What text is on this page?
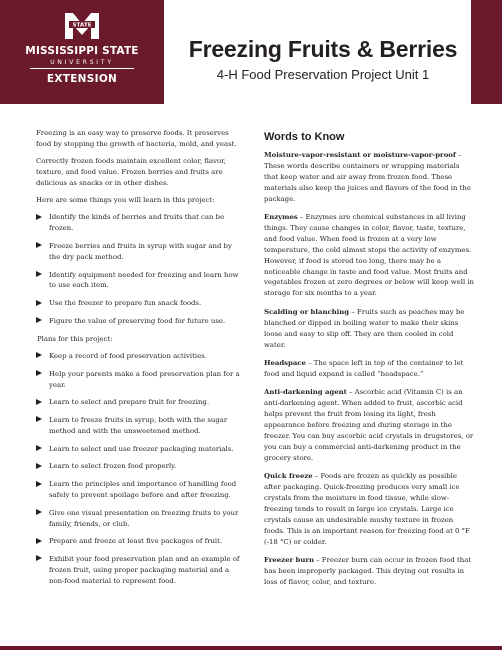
STATE
MISSISSIPPI STATE
UNIVERSITY
EXTENSION
Freezing Fruits & Berries
4-H Food Preservation Project Unit 1

Freezing is an easy way to preserve foods. It preserves food by stopping the growth of bacteria, mold, and yeast.

Correctly frozen foods maintain excellent color, flavor, texture, and food value. Frozen berries and fruits are delicious as snacks or in other dishes.

Here are some things you will learn in this project:

Identify the kinds of berries and fruits that can be frozen.
Freeze berries and fruits in syrup with sugar and by the dry pack method.
Identify equipment needed for freezing and learn how to use each item.
Use the freezer to prepare fun snack foods.
Figure the value of preserving food for future use.

Plans for this project:

Keep a record of food preservation activities.
Help your parents make a food preservation plan for a year.
Learn to select and prepare fruit for freezing.
Learn to freeze fruits in syrup, both with the sugar method and with the unsweetened method.
Learn to select and use freezer packaging materials.
Learn to select frozen food properly.
Learn the principles and importance of handling food safely to prevent spoilage before and after freezing.
Give one visual presentation on freezing fruits to your family, friends, or club.
Prepare and freeze at least five packages of fruit.
Exhibit your food preservation plan and an example of frozen fruit, using proper packaging material and a non-food material to represent food.
Words to Know

Moisture-vapor-resistant or moisture-vapor-proof – These words describe containers or wrapping materials that keep water and air away from frozen food. These materials also keep the juices and flavors of the food in the package.

Enzymes – Enzymes are chemical substances in all living things. They cause changes in color, flavor, taste, texture, and food value. When food is frozen at a very low temperature, the cold almost stops the activity of enzymes. However, if food is stored too long, there may be a noticeable change in taste and food value. Most fruits and vegetables frozen at zero degrees or below will keep well in storage for six months to a year.

Scalding or blanching – Fruits such as peaches may be blanched or dipped in boiling water to make their skins loose and easy to slip off. They are then cooled in cold water.

Headspace – The space left in top of the container to let food and liquid expand is called “headspace.”

Anti-darkening agent – Ascorbic acid (Vitamin C) is an anti-darkening agent. When added to fruit, ascorbic acid helps prevent the fruit from losing its light, fresh appearance before freezing and during storage in the freezer. You can buy ascorbic acid crystals in drugstores, or you can buy a commercial anti-darkening product in the grocery store.

Quick freeze – Foods are frozen as quickly as possible after packaging. Quick-freezing produces very small ice crystals from the moisture in food tissue, while slow-freezing tends to result in large ice crystals. Large ice crystals cause an undesirable mushy texture in frozen foods. This is an important reason for freezing food at 0 °F (-18 °C) or colder.

Freezer burn – Freezer burn can occur in frozen food that has been improperly packaged. This drying out results in loss of flavor, color, and texture.
